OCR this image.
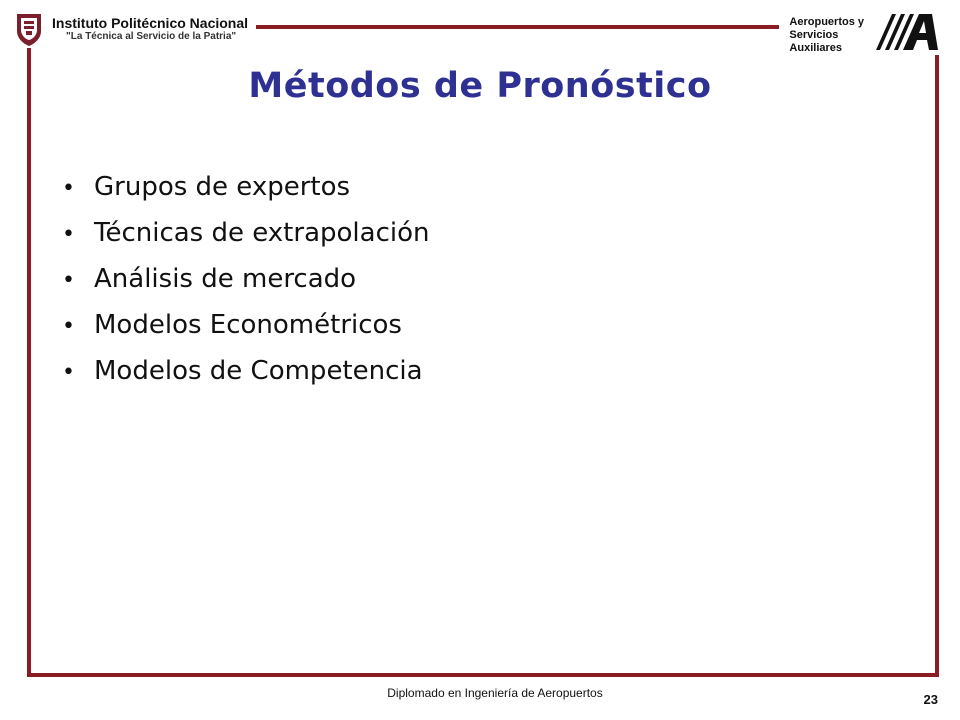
Instituto Politécnico Nacional
"La Técnica al Servicio de la Patria"
Aeropuertos y
Servicios
Auxiliares
Métodos de Pronóstico
• Grupos de expertos
• Técnicas de extrapolación
• Análisis de mercado
• Modelos Econométricos
• Modelos de Competencia
Diplomado en Ingeniería de Aeropuertos	23
